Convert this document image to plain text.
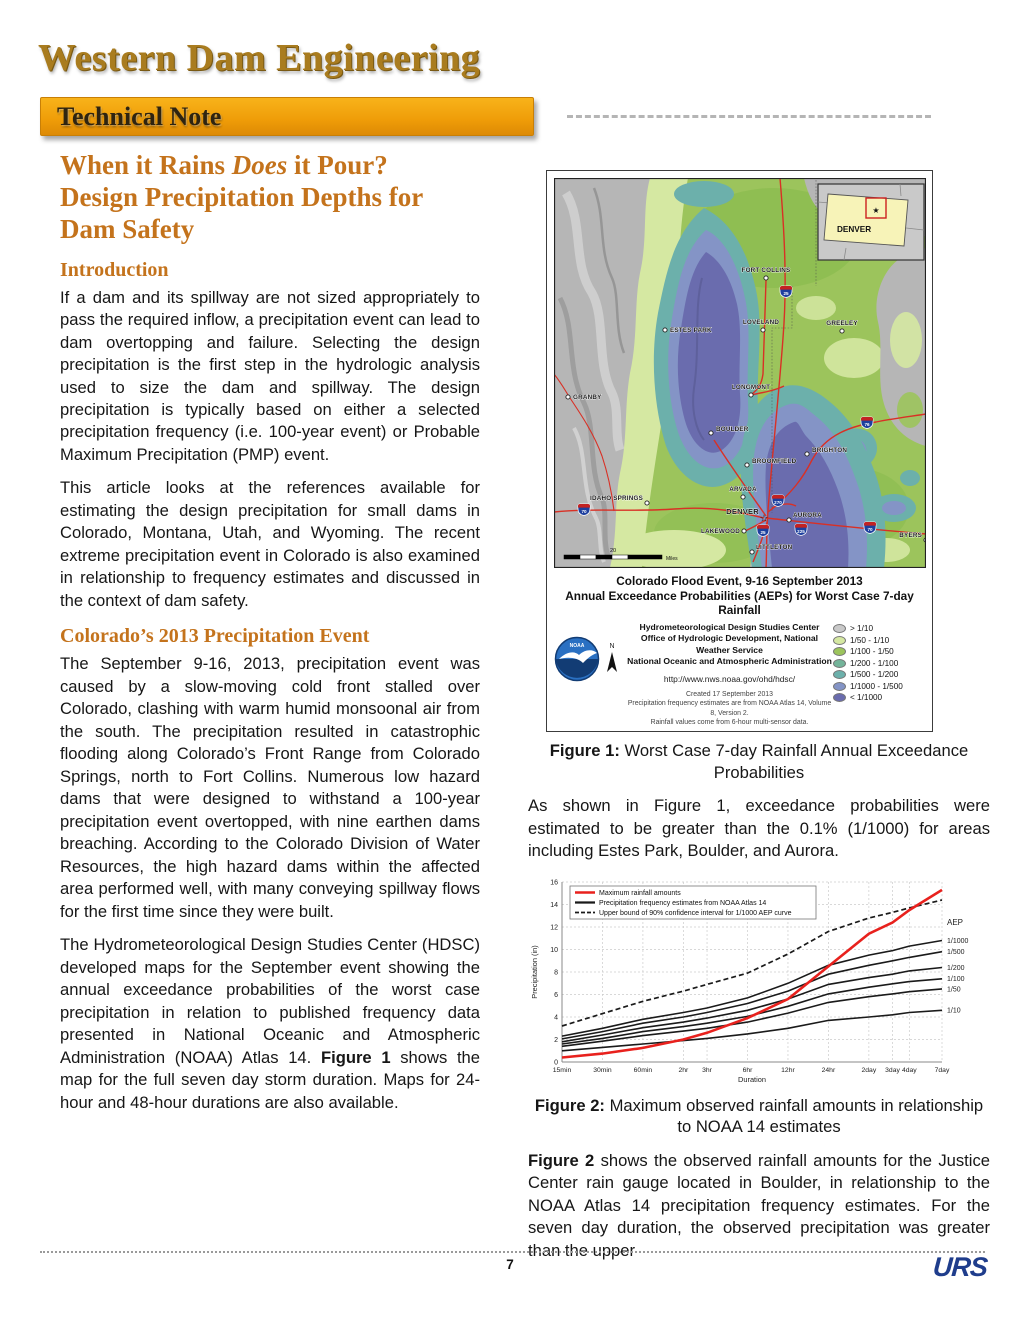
Western Dam Engineering
Technical Note
When it Rains Does it Pour?
Design Precipitation Depths for
Dam Safety
Introduction

If a dam and its spillway are not sized appropriately to pass the required inflow, a precipitation event can lead to dam overtopping and failure. Selecting the design precipitation is the first step in the hydrologic analysis used to size the dam and spillway. The design precipitation is typically based on either a selected precipitation frequency (i.e. 100-year event) or Probable Maximum Precipitation (PMP) event.

This article looks at the references available for estimating the design precipitation for small dams in Colorado, Montana, Utah, and Wyoming. The recent extreme precipitation event in Colorado is also examined in relationship to frequency estimates and discussed in the context of dam safety.

Colorado’s 2013 Precipitation Event

The September 9-16, 2013, precipitation event was caused by a slow-moving cold front stalled over Colorado, clashing with warm humid monsoonal air from the south. The precipitation resulted in catastrophic flooding along Colorado’s Front Range from Colorado Springs, north to Fort Collins. Numerous low hazard dams that were designed to withstand a 100-year precipitation event overtopped, with nine earthen dams breaching. According to the Colorado Division of Water Resources, the high hazard dams within the affected area performed well, with many conveying spillway flows for the first time since they were built.

The Hydrometeorological Design Studies Center (HDSC) developed maps for the September event showing the annual exceedance probabilities of the worst case precipitation in relation to published frequency data presented in National Oceanic and Atmospheric Administration (NOAA) Atlas 14. Figure 1 shows the map for the full seven day storm duration. Maps for 24-hour and 48-hour durations are also available.

25
76
70
270
25	225	70
GRANBY
ESTES PARK
FORT COLLINS
LOVELAND	GREELEY
LONGMONT
BOULDER
BRIGHTON
BROOMFIELD
ARVADA
IDAHO SPRINGS
☆
DENVER	AURORA
LAKEWOOD
LITTLETON
BYERS
★
DENVER
20
Miles
Colorado Flood Event, 9-16 September 2013
Annual Exceedance Probabilities (AEPs) for Worst Case 7-day Rainfall
NOAA	N
Hydrometeorological Design Studies Center
Office of Hydrologic Development, National Weather Service
National Oceanic and Atmospheric Administration
http://www.nws.noaa.gov/ohd/hdsc/
Created 17 September 2013
Precipitation frequency estimates are from NOAA Atlas 14, Volume 8, Version 2.
Rainfall values come from 6-hour multi-sensor data.
> 1/10
1/50 - 1/10
1/100 - 1/50
1/200 - 1/100
1/500 - 1/200
1/1000 - 1/500
< 1/1000

Figure 1: Worst Case 7-day Rainfall Annual Exceedance Probabilities

As shown in Figure 1, exceedance probabilities were estimated to be greater than the 0.1% (1/1000) for areas including Estes Park, Boulder, and Aurora.

15min	30min	60min	2hr 3hr	6hr	12hr	24hr	2day 3day 4day	7day
0
2
4
6
8
10
12
14
16
Duration
Precipitation (in)
AEP
1/10
1/50
1/100
1/200
1/500
1/1000
Maximum rainfall amounts
Precipitation frequency estimates from NOAA Atlas 14
Upper bound of 90% confidence interval for 1/1000 AEP curve

Figure 2: Maximum observed rainfall amounts in relationship to NOAA 14 estimates

Figure 2 shows the observed rainfall amounts for the Justice Center rain gauge located in Boulder, in relationship to the NOAA Atlas 14 precipitation frequency estimates. For the seven day duration, the observed precipitation was greater than the upper

7	URS
